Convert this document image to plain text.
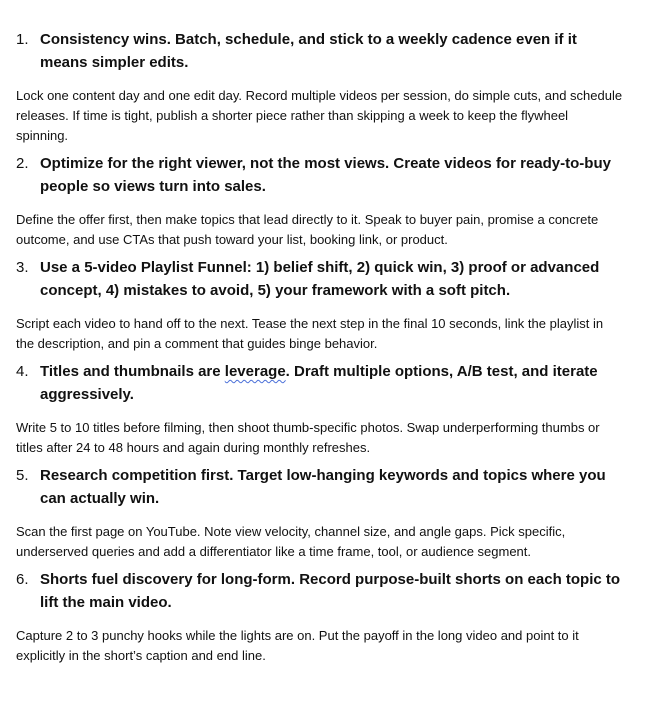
1. Consistency wins. Batch, schedule, and stick to a weekly cadence even if it means simpler edits.

Lock one content day and one edit day. Record multiple videos per session, do simple cuts, and schedule releases. If time is tight, publish a shorter piece rather than skipping a week to keep the flywheel spinning.

2. Optimize for the right viewer, not the most views. Create videos for ready-to-buy people so views turn into sales.

Define the offer first, then make topics that lead directly to it. Speak to buyer pain, promise a concrete outcome, and use CTAs that push toward your list, booking link, or product.

3. Use a 5-video Playlist Funnel: 1) belief shift, 2) quick win, 3) proof or advanced concept, 4) mistakes to avoid, 5) your framework with a soft pitch.

Script each video to hand off to the next. Tease the next step in the final 10 seconds, link the playlist in the description, and pin a comment that guides binge behavior.

4. Titles and thumbnails are leverage. Draft multiple options, A/B test, and iterate aggressively.

Write 5 to 10 titles before filming, then shoot thumb-specific photos. Swap underperforming thumbs or titles after 24 to 48 hours and again during monthly refreshes.

5. Research competition first. Target low-hanging keywords and topics where you can actually win.

Scan the first page on YouTube. Note view velocity, channel size, and angle gaps. Pick specific, underserved queries and add a differentiator like a time frame, tool, or audience segment.

6. Shorts fuel discovery for long-form. Record purpose-built shorts on each topic to lift the main video.

Capture 2 to 3 punchy hooks while the lights are on. Put the payoff in the long video and point to it explicitly in the short’s caption and end line.
